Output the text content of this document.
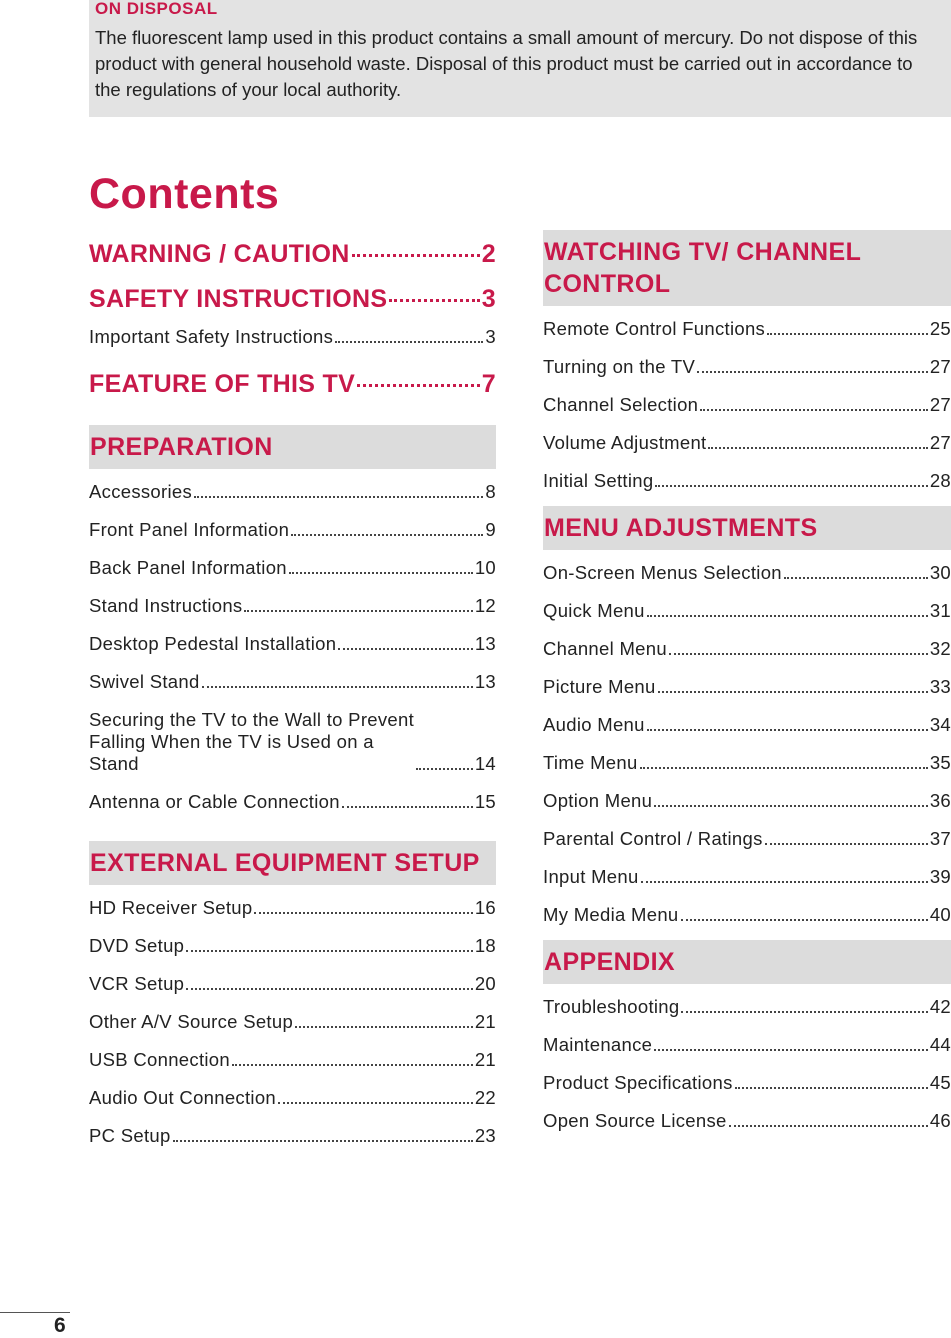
ON DISPOSAL
The fluorescent lamp used in this product contains a small amount of mercury. Do not dispose of this product with general household waste. Disposal of this product must be carried out in accordance to the regulations of your local authority.
Contents
WARNING / CAUTION	2
SAFETY INSTRUCTIONS	3
Important Safety Instructions	3
FEATURE OF THIS TV	7
PREPARATION
Accessories	8
Front Panel Information	9
Back Panel Information	10
Stand Instructions	12
Desktop Pedestal Installation	13
Swivel Stand	13
Securing the TV to the Wall to Prevent
Falling When the TV is Used on a
Stand	14
Antenna or Cable Connection	15
EXTERNAL EQUIPMENT SETUP
HD Receiver Setup	16
DVD Setup	18
VCR Setup	20
Other A/V Source Setup	21
USB Connection	21
Audio Out Connection	22
PC Setup	23
WATCHING TV/ CHANNEL CONTROL
Remote Control Functions	25
Turning on the TV	27
Channel Selection	27
Volume Adjustment	27
Initial Setting	28
MENU ADJUSTMENTS
On-Screen Menus Selection	30
Quick Menu	31
Channel Menu	32
Picture Menu	33
Audio Menu	34
Time Menu	35
Option Menu	36
Parental Control / Ratings	37
Input Menu	39
My Media Menu	40
APPENDIX
Troubleshooting	42
Maintenance	44
Product Specifications	45
Open Source License	46
6
